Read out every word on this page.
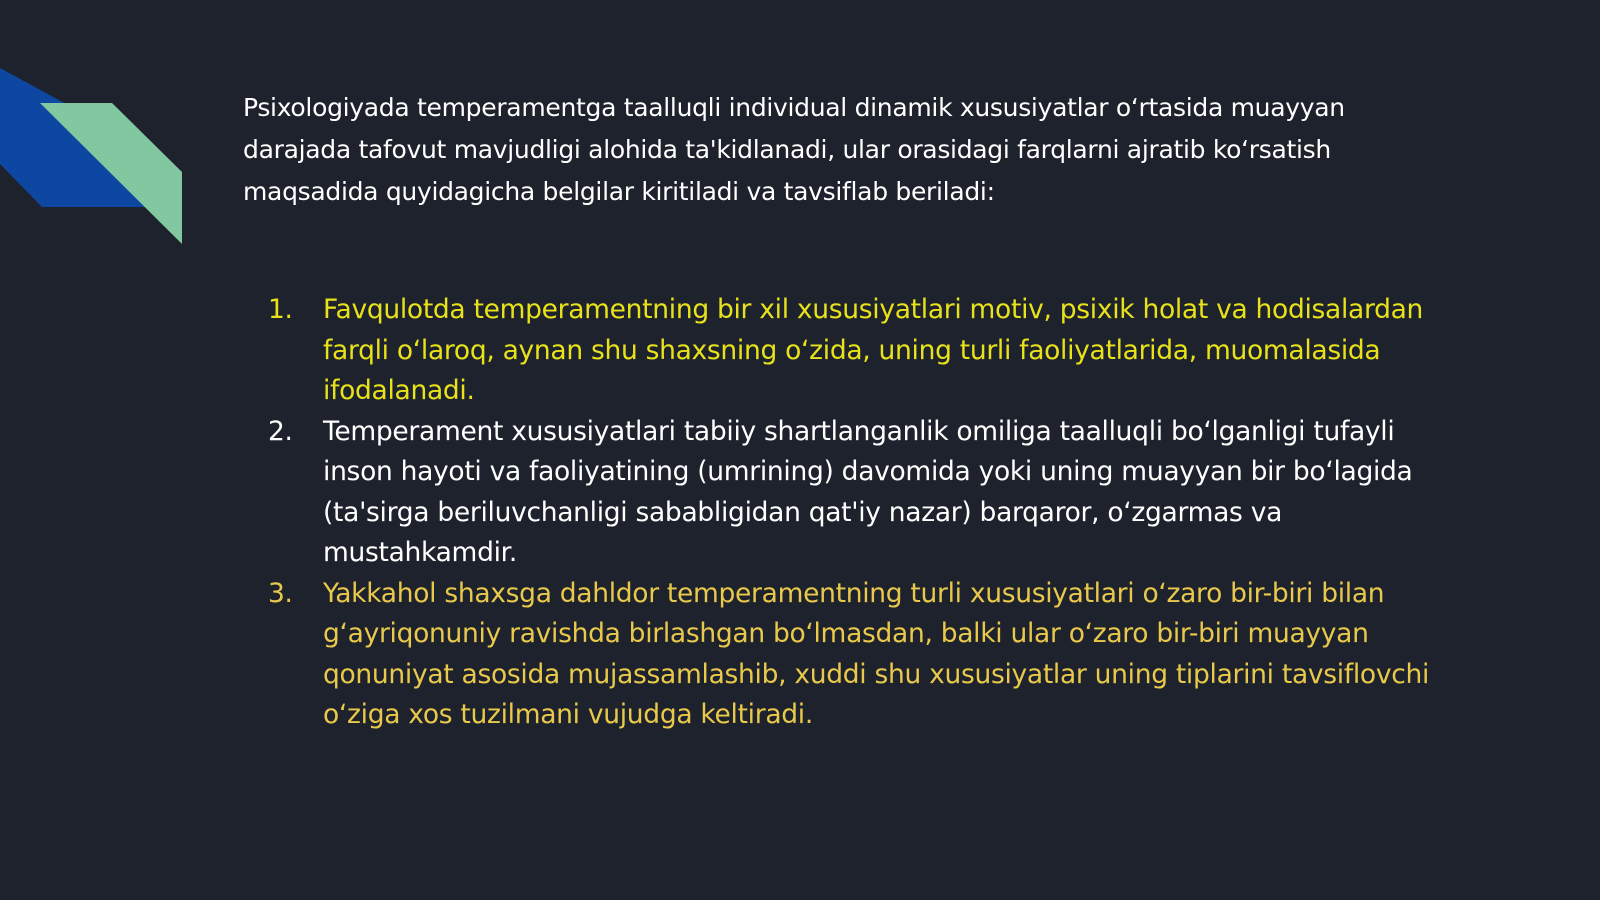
Psixologiyada temperamentga taalluqli individual dinamik xususiyatlar oʻrtasida muayyan darajada tafovut mavjudligi alohida ta'kidlanadi, ular orasidagi farqlarni ajratib koʻrsatish maqsadida quyidagicha belgilar kiritiladi va tavsiflab beriladi:

1.	Favqulotda temperamentning bir xil xususiyatlari motiv, psixik holat va hodisalardan farqli oʻlaroq, aynan shu shaxsning oʻzida, uning turli faoliyatlarida, muomalasida ifodalanadi.
2.	Temperament xususiyatlari tabiiy shartlanganlik omiliga taalluqli boʻlganligi tufayli inson hayoti va faoliyatining (umrining) davomida yoki uning muayyan bir boʻlagida (ta'sirga beriluvchanligi sababligidan qat'iy nazar) barqaror, oʻzgarmas va mustahkamdir.
3.	Yakkahol shaxsga dahldor temperamentning turli xususiyatlari oʻzaro bir-biri bilan gʻayriqonuniy ravishda birlashgan boʻlmasdan, balki ular oʻzaro bir-biri muayyan qonuniyat asosida mujassamlashib, xuddi shu xususiyatlar uning tiplarini tavsiflovchi oʻziga xos tuzilmani vujudga keltiradi.
